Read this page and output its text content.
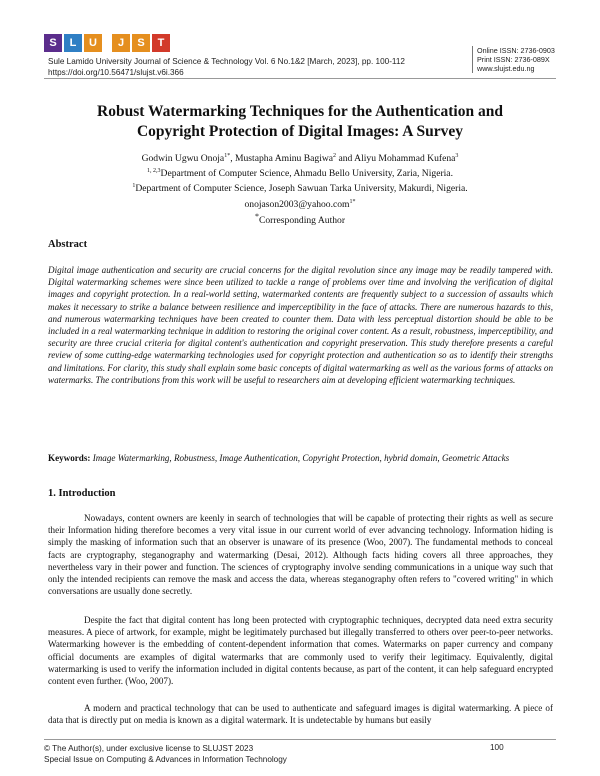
S	L	U	J	S	T
Sule Lamido University Journal of Science & Technology Vol. 6 No.1&2 [March, 2023], pp. 100-112
https://doi.org/10.56471/slujst.v6i.366
Online ISSN: 2736-0903
Print ISSN: 2736-089X
www.slujst.edu.ng
Robust Watermarking Techniques for the Authentication and
Copyright Protection of Digital Images: A Survey
Godwin Ugwu Onoja$^{1*}$, Mustapha Aminu Bagiwa$^2$ and Aliyu Mohammad Kufena$^3$
$^{1, 2,3}$Department of Computer Science, Ahmadu Bello University, Zaria, Nigeria.
$^1$Department of Computer Science, Joseph Sawuan Tarka University, Makurdi, Nigeria.
onojason2003@yahoo.com$^{1*}$
*Corresponding Author
Abstract
Digital image authentication and security are crucial concerns for the digital revolution since any image may be readily tampered with. Digital watermarking schemes were since been utilized to tackle a range of problems over time and involving the verification of digital images and copyright protection. In a real-world setting, watermarked contents are frequently subject to a succession of assaults which makes it necessary to strike a balance between resilience and imperceptibility in the face of attacks. There are numerous hazards to this, and numerous watermarking techniques have been created to counter them. Data with less perceptual distortion should be able to be included in a real watermarking technique in addition to restoring the original cover content. As a result, robustness, imperceptibility, and security are three crucial criteria for digital content's authentication and copyright preservation. This study therefore presents a careful review of some cutting-edge watermarking technologies used for copyright protection and authentication so as to identify their strengths and limitations. For clarity, this study shall explain some basic concepts of digital watermarking as well as the various forms of attacks on watermarks. The contributions from this work will be useful to researchers aim at developing efficient watermarking techniques.
Keywords: Image Watermarking, Robustness, Image Authentication, Copyright Protection, hybrid domain, Geometric Attacks
1. Introduction
Nowadays, content owners are keenly in search of technologies that will be capable of protecting their rights as well as secure their Information hiding therefore becomes a very vital issue in our current world of ever advancing technology. Information hiding is simply the masking of information such that an observer is unaware of its presence (Woo, 2007). The fundamental methods to conceal facts are cryptography, steganography and watermarking (Desai, 2012). Although facts hiding covers all three approaches, they nevertheless vary in their power and function. The sciences of cryptography involve sending communications in a unique way such that only the intended recipients can remove the mask and access the data, whereas steganography often refers to "covered writing" in which conversations are usually done secretly.
Despite the fact that digital content has long been protected with cryptographic techniques, decrypted data need extra security measures. A piece of artwork, for example, might be legitimately purchased but illegally transferred to others over peer-to-peer networks. Watermarking however is the embedding of content-dependent information that comes. Watermarks on paper currency and company official documents are examples of digital watermarks that are commonly used to verify their legitimacy. Equivalently, digital watermarking is used to verify the information included in digital contents because, as part of the content, it can help safeguard encrypted content even further. (Woo, 2007).
A modern and practical technology that can be used to authenticate and safeguard images is digital watermarking. A piece of data that is directly put on media is known as a digital watermark. It is undetectable by humans but easily
© The Author(s), under exclusive license to SLUJST 2023
Special Issue on Computing & Advances in Information Technology
100
